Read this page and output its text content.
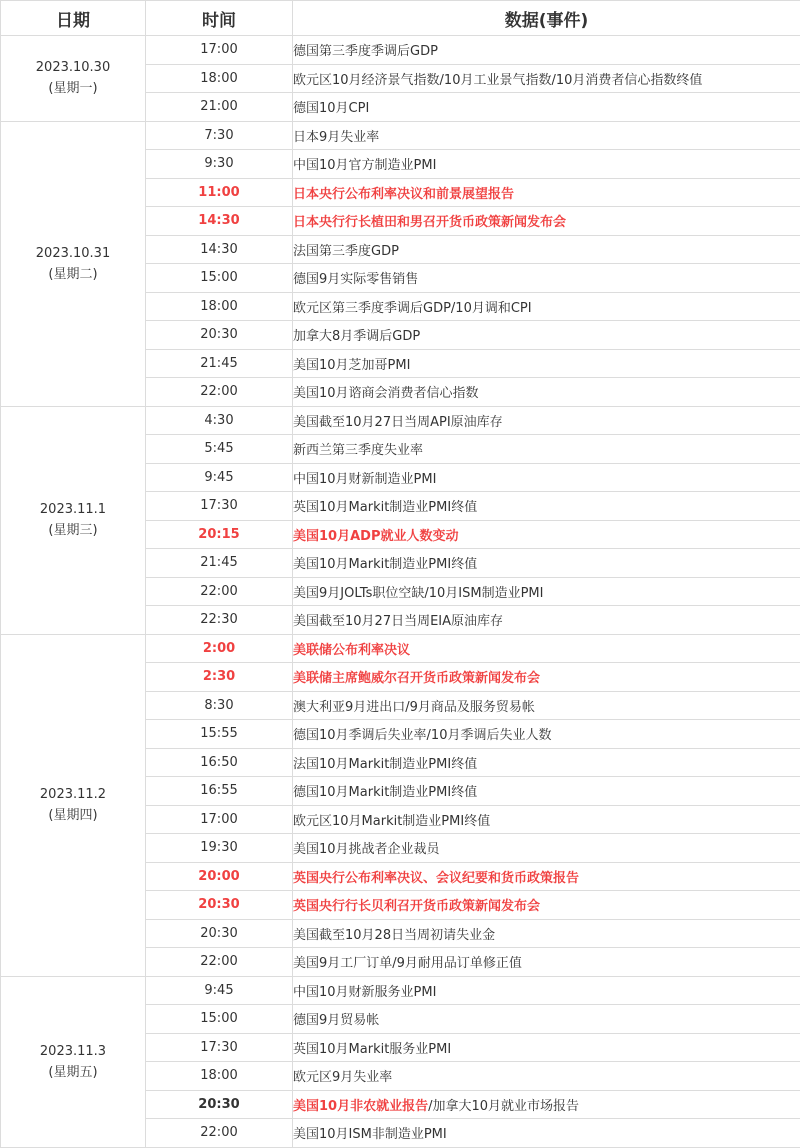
日期	时间	数据(事件)

2023.10.30
(星期一)	17:00	德国第三季度季调后GDP
	18:00	欧元区10月经济景气指数/10月工业景气指数/10月消费者信心指数终值
	21:00	德国10月CPI

2023.10.31
(星期二)	7:30	日本9月失业率
	9:30	中国10月官方制造业PMI
	11:00	日本央行公布利率决议和前景展望报告
	14:30	日本央行行长植田和男召开货币政策新闻发布会
	14:30	法国第三季度GDP
	15:00	德国9月实际零售销售
	18:00	欧元区第三季度季调后GDP/10月调和CPI
	20:30	加拿大8月季调后GDP
	21:45	美国10月芝加哥PMI
	22:00	美国10月谘商会消费者信心指数

2023.11.1
(星期三)	4:30	美国截至10月27日当周API原油库存
	5:45	新西兰第三季度失业率
	9:45	中国10月财新制造业PMI
	17:30	英国10月Markit制造业PMI终值
	20:15	美国10月ADP就业人数变动
	21:45	美国10月Markit制造业PMI终值
	22:00	美国9月JOLTs职位空缺/10月ISM制造业PMI
	22:30	美国截至10月27日当周EIA原油库存

2023.11.2
(星期四)	2:00	美联储公布利率决议
	2:30	美联储主席鲍威尔召开货币政策新闻发布会
	8:30	澳大利亚9月进出口/9月商品及服务贸易帐
	15:55	德国10月季调后失业率/10月季调后失业人数
	16:50	法国10月Markit制造业PMI终值
	16:55	德国10月Markit制造业PMI终值
	17:00	欧元区10月Markit制造业PMI终值
	19:30	美国10月挑战者企业裁员
	20:00	英国央行公布利率决议、会议纪要和货币政策报告
	20:30	英国央行行长贝利召开货币政策新闻发布会
	20:30	美国截至10月28日当周初请失业金
	22:00	美国9月工厂订单/9月耐用品订单修正值

2023.11.3
(星期五)	9:45	中国10月财新服务业PMI
	15:00	德国9月贸易帐
	17:30	英国10月Markit服务业PMI
	18:00	欧元区9月失业率
	20:30	美国10月非农就业报告/加拿大10月就业市场报告
	22:00	美国10月ISM非制造业PMI
